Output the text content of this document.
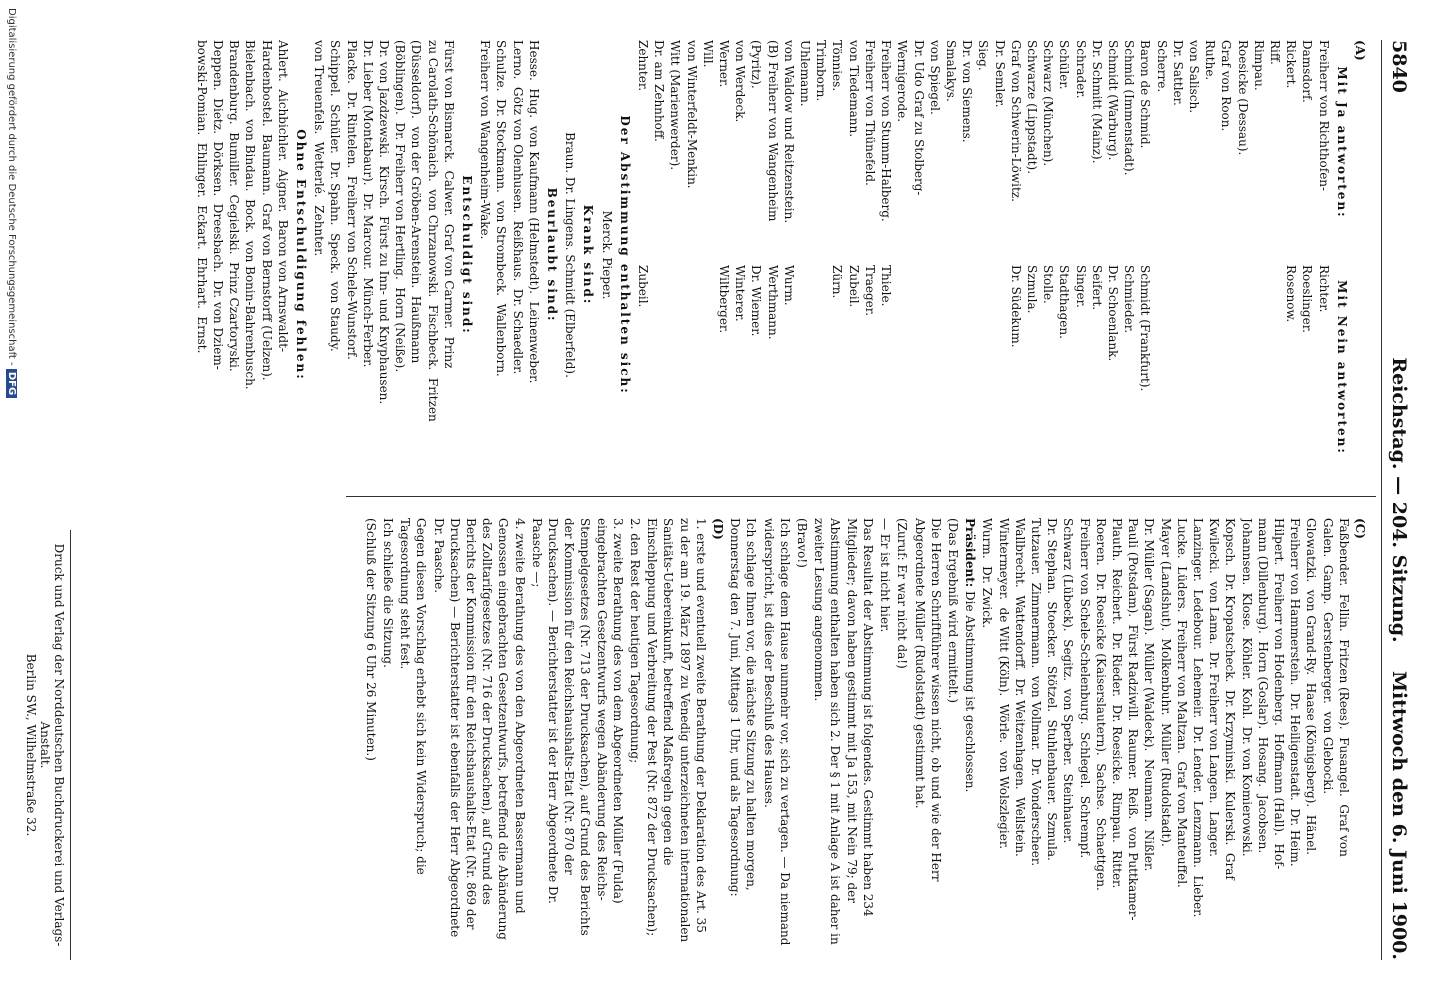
5840
Reichstag. — 204. Sitzung.
Mittwoch den 6. Juni 1900.
(A)
Mit Ja antworten:
Freiherr von Richthofen-
Damsdorf.
Rickert.
Riff.
Rimpau.
Roesicke (Dessau).
Graf von Roon.
Ruthe.
von Salisch.
Dr. Sattler.
Scherre.
Baron de Schmid.
Schmid (Immenstadt).
Schmidt (Warburg).
Dr. Schmitt (Mainz).
Schrader.
Schüler.
Schwarz (München).
Schwarze (Lippstadt).
Graf von Schwerin-Löwitz.
Dr. Semler.
Sieg.
Dr. von Siemens.
Smalakys.
von Spiegel.
Dr. Udo Graf zu Stolberg-
Wernigerode.
Freiherr von Stumm-Halberg.
Freiherr von Thünefeld.
von Tiedemann.
Tönnies.
Trimborn.
Uhlemann.
von Waldow und Reitzenstein.
(B) Freiherr von Wangenheim
(Pyritz).
von Werdeck.
Werner.
Will.
von Winterfeldt-Menkin.
Witt (Marienwerder).
Dr. am Zehnhoff.
Zehnter.
Mit Nein antworten:
Richter.
Roeslinger.
Rosenow.

Schmidt (Frankfurt).
Schmieder.
Dr. Schoenlank.
Seifert.
Singer.
Stadthagen.
Stolle.
Szmula.
Dr. Südekum.

Thiele.
Traeger.
Zubeil.
Zürn.

Wurm.
Werthmann.
Dr. Wiemer.
Winterer.
Wiltberger.

Zubeil.
Der Abstimmung enthalten sich:
Merck. Pieper.
Krank sind:
Braun. Dr. Lingens. Schmidt (Elberfeld).
Beurlaubt sind:
Hesse.  Hug.  von Kaufmann (Helmstedt).  Leinenweber.
Lerno.  Götz von Olenhusen.  Reißhaus.  Dr. Schaedler.
Schulze.  Dr. Stockmann.  von Strombeck.  Wallenborn.
Freiherr von Wangenheim-Wake.
Entschuldigt sind:
Fürst von Bismarck.  Calwer.  Graf von Carmer.  Prinz
zu Carolath-Schönaich.  von Chrzanowski.  Fischbeck.  Fritzen
(Düsseldorf).  von der Gröben-Arenstein.  Haußmann
(Böblingen).  Dr. Freiherr von Hertling.  Horn (Neiße).
Dr. von Jazdzewski.  Kirsch.  Fürst zu Inn- und Knyphausen.
Dr. Lieber (Montabaur).  Dr. Marcour.  Münch-Ferber.
Placke.  Dr. Rintelen.  Freiherr von Schele-Wunstorf.
Schippel.  Schüler.  Dr. Spahn.  Speck.  von Staudy.
von Treuenfels.  Wetterlé.  Zehnter.
Ohne Entschuldigung fehlen:
Ahlert.  Aichbichler.  Aigner.  Baron von Arnswaldt-
Hardenbostel.  Baumann.  Graf von Bernstorff (Uelzen).
Bielenbach.  von Bindau.  Bock.  von Bonin-Bahrenbusch.
Brandenburg.  Bumiller.  Cegielski.  Prinz Czartoryski.
Deppen.  Dietz.  Dörksen.  Dreesbach.  Dr. von Dziem-
bowski-Pomian.  Ehlinger.  Eckart.  Ehrhart.  Ernst.
(C)
Faßbender.  Fellin.  Fritzen (Rees).  Fusangel.  Graf von
Galen.  Gamp.  Gerstenberger.  von Glebocki.
Glowatzki.  von Grand-Ry.  Haase (Königsberg).  Hänel.
Freiherr von Hammerstein.  Dr. Heiligenstadt.  Dr. Heim.
Hilpert.  Freiherr von Hodenberg.  Hoffmann (Hall).  Hof-
mann (Dillenburg).  Horn (Goslar).  Hosang.  Jacobsen.
Johannsen.  Klose.  Köhler.  Kohl.  Dr. von Komierowski.
Kopsch.  Dr. Kropatscheck.  Dr. Krzyminski.  Kulerski.  Graf
Kwilecki.  von Lama.  Dr. Freiherr von Langen.  Langer.
Lanzinger.  Ledebour.  Lehemeir.  Dr. Lender.  Lenzmann.  Lieber.
Lucke.  Lüders.  Freiherr von Maltzan.  Graf von Manteuffel.
Mayer (Landshut).  Molkenbuhr.  Müller (Rudolstadt).
Dr. Müller (Sagan).  Müller (Waldeck).  Neumann.  Nißler.
Pauli (Potsdam).  Fürst Radziwill.  Raumer.  Reiß.  von Puttkamer-
Plauth.  Reichert.  Dr. Rieder.  Dr. Roesicke.  Rimpau.  Ritter.
Roeren.  Dr. Roesicke (Kaiserslautern).  Sachse.  Schaettgen.
Freiherr von Schele-Schelenburg.  Schlegel.  Schrempf.
Schwarz (Lübeck).  Segitz.  von Sperber.  Steinhauer.
Dr. Stephan.  Stoecker.  Stötzel.  Stuhlenbauer.  Szmula.
Tutzauer.  Zimmermann.  von Vollmar.  Dr. Vonderscheer.
Wallbrecht.  Wattendorff.  Dr. Weitzenhagen.  Wellstein.
Wintermeyer.  de Witt (Köln).  Wörle.  von Wolszlegier.
Wurm.  Dr. Zwick.
Präsident: Die Abstimmung ist geschlossen.
(Das Ergebniß wird ermittelt.)
Die Herren Schriftführer wissen nicht, ob und wie der Herr Abgeordnete Müller (Rudolstadt) gestimmt hat.
(Zuruf: Er war nicht da!)
— Er ist nicht hier.
Das Resultat der Abstimmung ist folgendes. Gestimmt haben 234 Mitglieder; davon haben gestimmt mit Ja 153, mit Nein 79; der Abstimmung enthalten haben sich 2. Der § 1 mit Anlage A ist daher in zweiter Lesung angenommen.
(Bravo!)
Ich schlage dem Hause nunmehr vor, sich zu vertagen. — Da niemand widerspricht, ist dies der Beschluß des Hauses.
Ich schlage Ihnen vor, die nächste Sitzung zu halten morgen, Donnerstag den 7. Juni, Mittags 1 Uhr, und als Tagesordnung:
(D)
1. erste und eventuell zweite Berathung der Deklaration des Art. 35 zu der am 19. März 1897 zu Venedig unterzeichneten internationalen Sanitäts-Uebereinkunft, betreffend Maßregeln gegen die Einschleppung und Verbreitung der Pest (Nr. 872 der Drucksachen);
2. den Rest der heutigen Tagesordnung;
3. zweite Berathung des von dem Abgeordneten Müller (Fulda) eingebrachten Gesetzentwurfs wegen Abänderung des Reichs-Stempelgesetzes (Nr. 713 der Drucksachen), auf Grund des Berichts der Kommission für den Reichshaushalts-Etat (Nr. 870 der Drucksachen). — Berichterstatter ist der Herr Abgeordnete Dr. Paasche —;
4. zweite Berathung des von den Abgeordneten Bassermann und Genossen eingebrachten Gesetzentwurfs, betreffend die Abänderung des Zolltarifgesetzes (Nr. 716 der Drucksachen), auf Grund des Berichts der Kommission für den Reichshaushalts-Etat (Nr. 869 der Drucksachen) — Berichterstatter ist ebenfalls der Herr Abgeordnete Dr. Paasche.
Gegen diesen Vorschlag erhebt sich kein Widerspruch; die Tagesordnung steht fest.
Ich schließe die Sitzung.
(Schluß der Sitzung 6 Uhr 26 Minuten.)
Druck und Verlag der Norddeutschen Buchdruckerei und Verlags-Anstalt.
Berlin SW., Wilhelmstraße 32.
Digitalisierung gefördert durch die Deutsche Forschungsgemeinschaft - DFG
